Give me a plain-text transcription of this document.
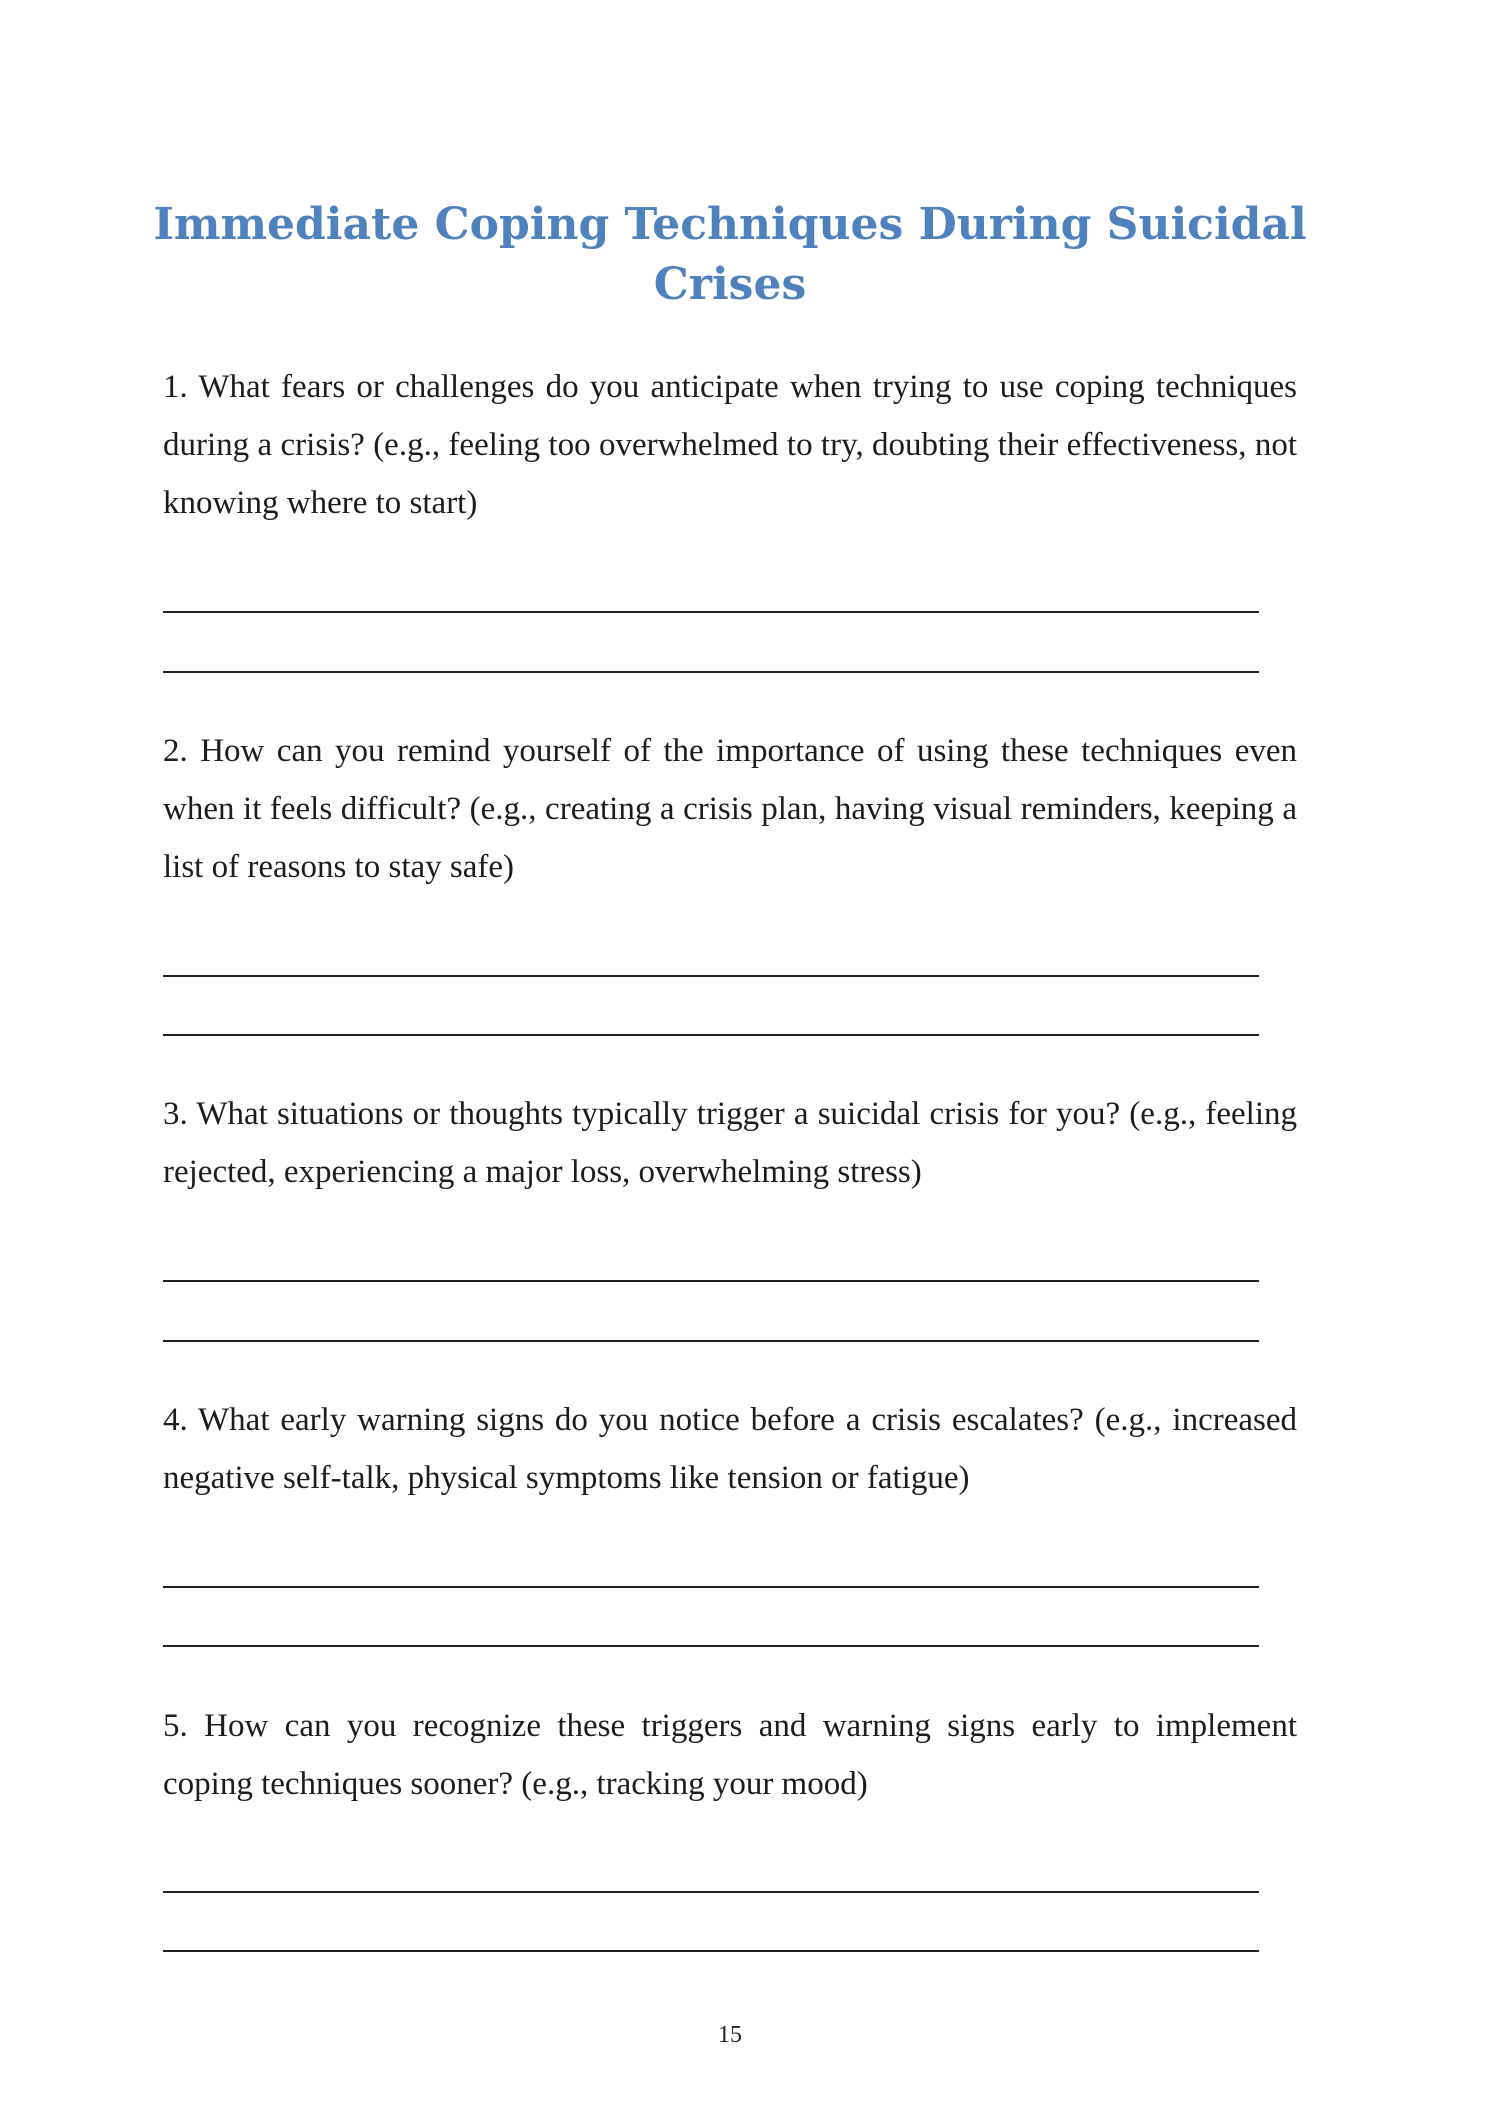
Immediate Coping Techniques During Suicidal Crises

1. What fears or challenges do you anticipate when trying to use coping techniques during a crisis? (e.g., feeling too overwhelmed to try, doubting their effectiveness, not knowing where to start)

2. How can you remind yourself of the importance of using these techniques even when it feels difficult? (e.g., creating a crisis plan, having visual reminders, keeping a list of reasons to stay safe)

3. What situations or thoughts typically trigger a suicidal crisis for you? (e.g., feeling rejected, experiencing a major loss, overwhelming stress)

4. What early warning signs do you notice before a crisis escalates? (e.g., increased negative self-talk, physical symptoms like tension or fatigue)

5. How can you recognize these triggers and warning signs early to implement coping techniques sooner? (e.g., tracking your mood)

15
